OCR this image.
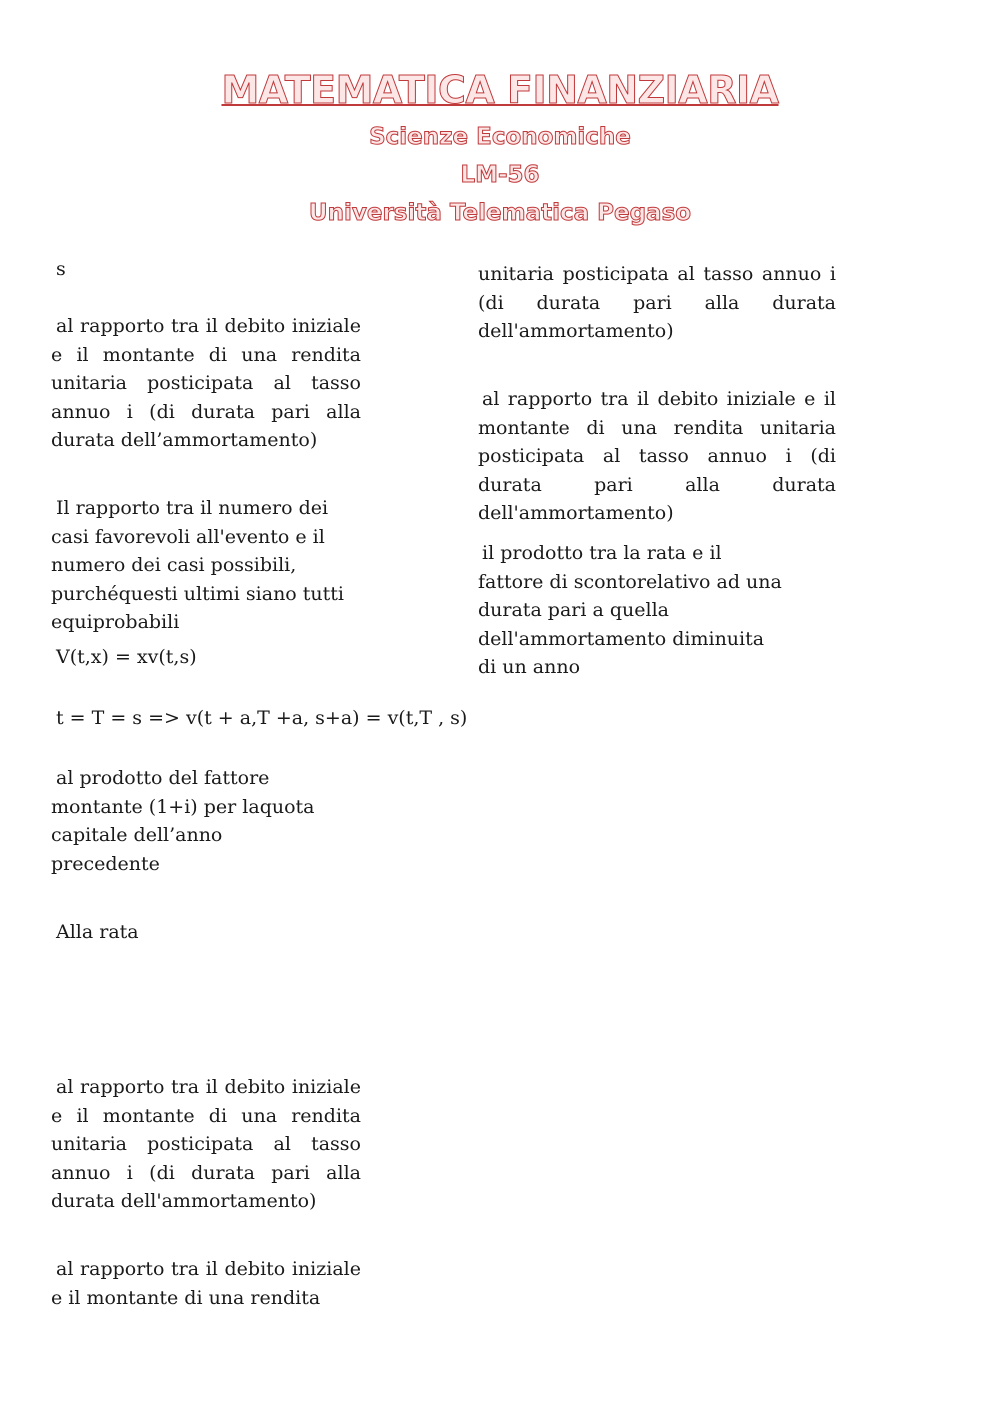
MATEMATICA FINANZIARIA
Scienze Economiche
LM-56
Università Telematica Pegaso

s

al rapporto tra il debito iniziale e il montante di una rendita unitaria posticipata al tasso annuo i (di durata pari alla durata dell’ammortamento)

Il rapporto tra il numero dei casi favorevoli all'evento e il numero dei casi possibili, purchéquesti ultimi siano tutti equiprobabili

V(t,x) = xv(t,s)

t = T = s => v(t + a,T +a, s+a) = v(t,T , s)

al prodotto del fattore montante (1+i) per laquota capitale dell’anno precedente

Alla rata

al rapporto tra il debito iniziale e il montante di una rendita unitaria posticipata al tasso annuo i (di durata pari alla durata dell'ammortamento)

al rapporto tra il debito iniziale e il montante di una rendita

unitaria posticipata al tasso annuo i (di durata pari alla durata dell'ammortamento)

al rapporto tra il debito iniziale e il montante di una rendita unitaria posticipata al tasso annuo i (di durata pari alla durata dell'ammortamento)

il prodotto tra la rata e il fattore di scontorelativo ad una durata pari a quella dell'ammortamento diminuita di un anno
